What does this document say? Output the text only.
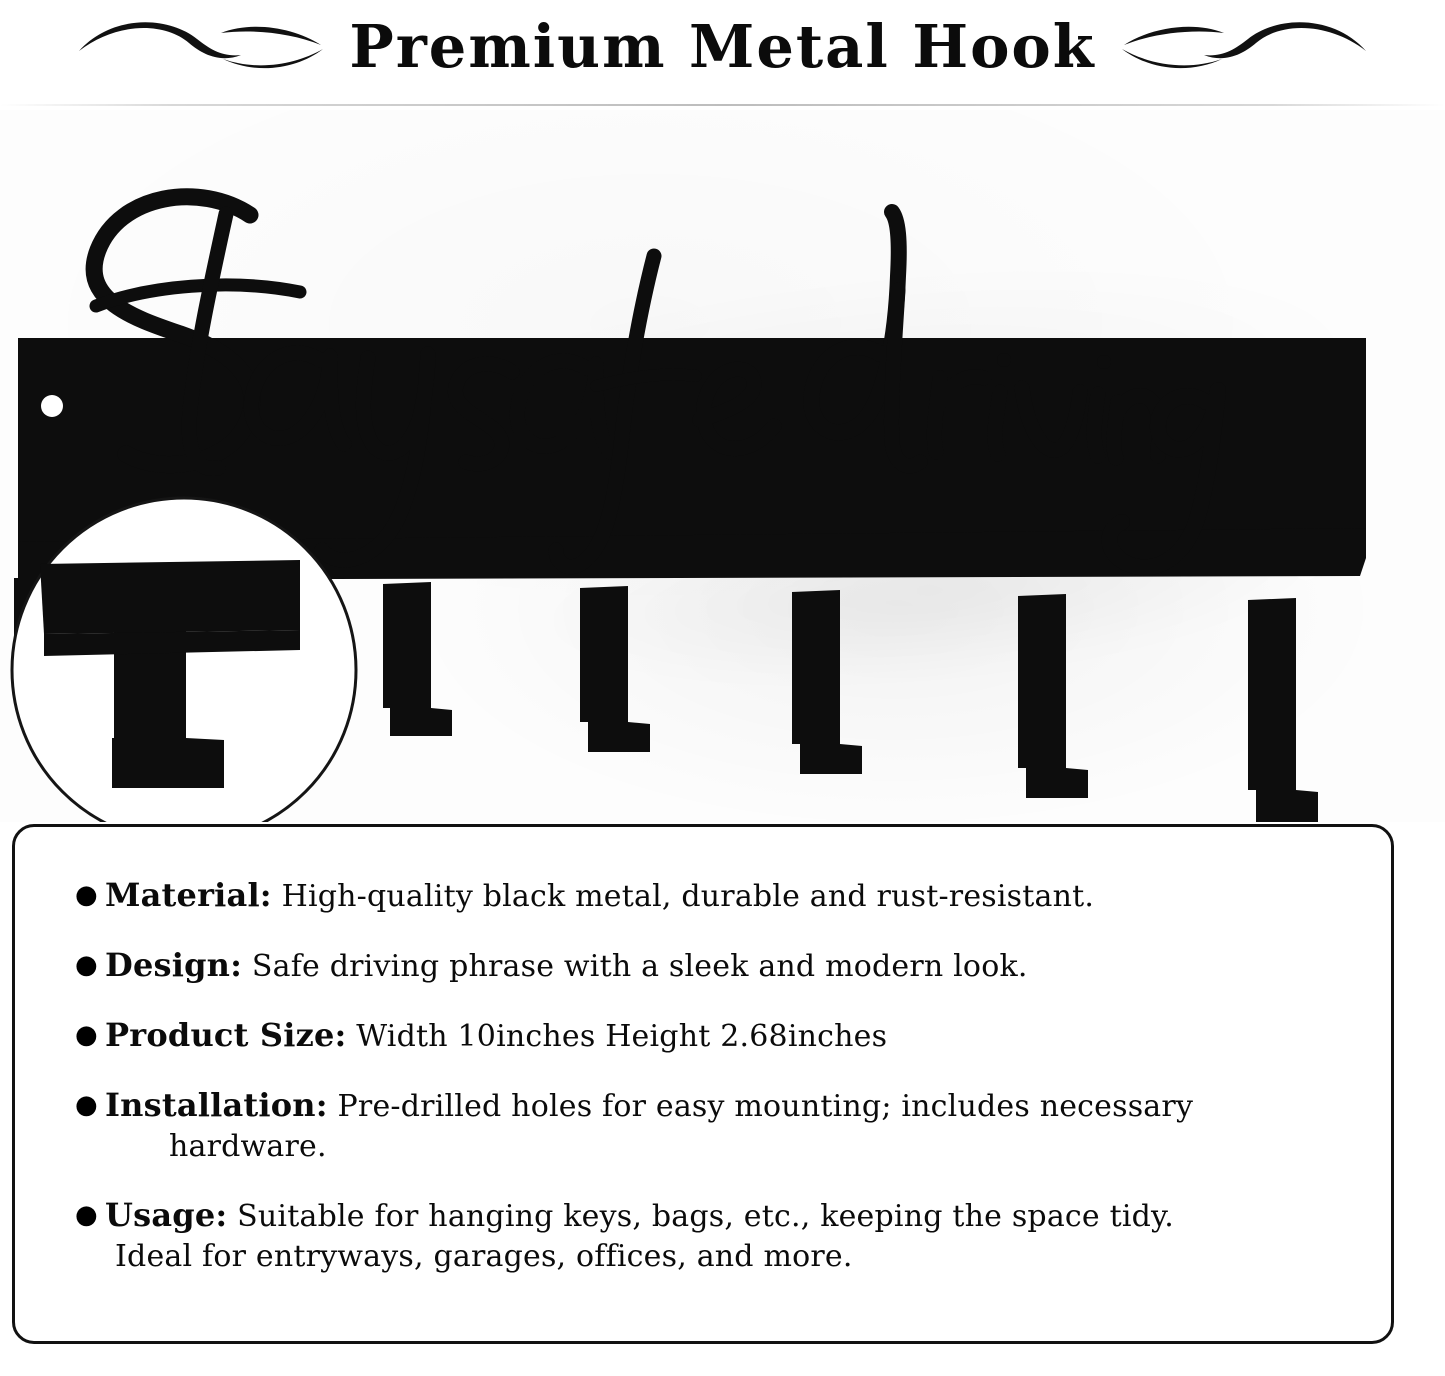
Premium Metal Hook
● Material: High-quality black metal, durable and rust-resistant.
● Design: Safe driving phrase with a sleek and modern look.
● Product Size: Width 10inches Height 2.68inches
● Installation: Pre-drilled holes for easy mounting; includes necessary
hardware.
● Usage: Suitable for hanging keys, bags, etc., keeping the space tidy.
Ideal for entryways, garages, offices, and more.
